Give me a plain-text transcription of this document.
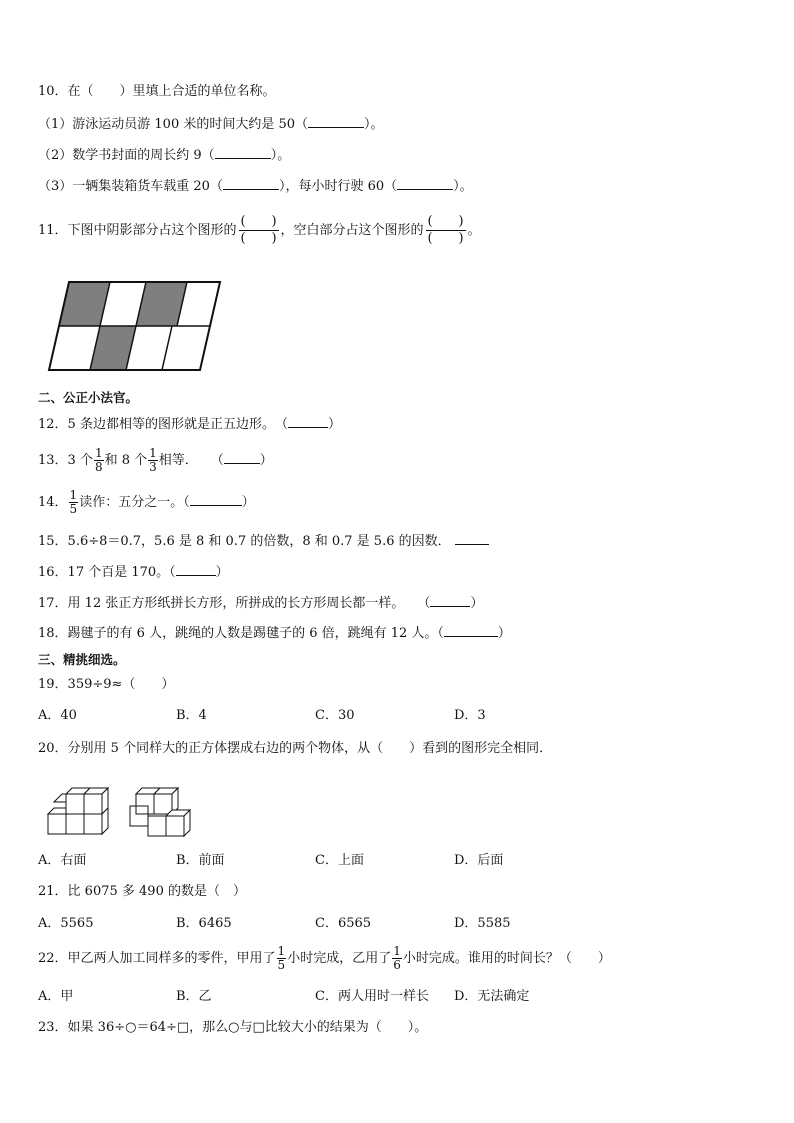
10．在（　　）里填上合适的单位名称。
（1）游泳运动员游 100 米的时间大约是 50（	）。
（2）数学书封面的周长约 9（	）。
（3）一辆集装箱货车载重 20（	），每小时行驶 60（	）。
11．下图中阴影部分占这个图形的
(　　)
(　　)
，空白部分占这个图形的
(　　)
(　　)
。
二、公正小法官。
12．5 条边都相等的图形就是正五边形。　（	）
13．3 个 $\frac{1}{8}$ 和 8 个 $\frac{1}{3}$ 相等．　　（	）
14． $\frac{1}{5}$ 读作：五分之一。（	）
15．5.6÷8＝0.7，5.6 是 8 和 0.7 的倍数，8 和 0.7 是 5.6 的因数．
16．17 个百是 170。（	）
17．用 12 张正方形纸拼长方形，所拼成的长方形周长都一样。　　（	）
18．踢毽子的有 6 人，跳绳的人数是踢毽子的 6 倍，跳绳有 12 人。（	）
三、精挑细选。
19．359÷9≈（　　）
A．40	B．4	C．30	D．3
20．分别用 5 个同样大的正方体摆成右边的两个物体，从（　　）看到的图形完全相同．
A．右面	B．前面	C．上面	D．后面
21．比 6075 多 490 的数是（　）
A．5565	B．6465	C．6565	D．5585
22．甲乙两人加工同样多的零件，甲用了 $\frac{1}{5}$ 小时完成，乙用了 $\frac{1}{6}$ 小时完成。谁用的时间长？（　　）
A．甲	B．乙	C．两人用时一样长 D．无法确定
23．如果 36÷○＝64÷□，那么○与□比较大小的结果为（　　）。
